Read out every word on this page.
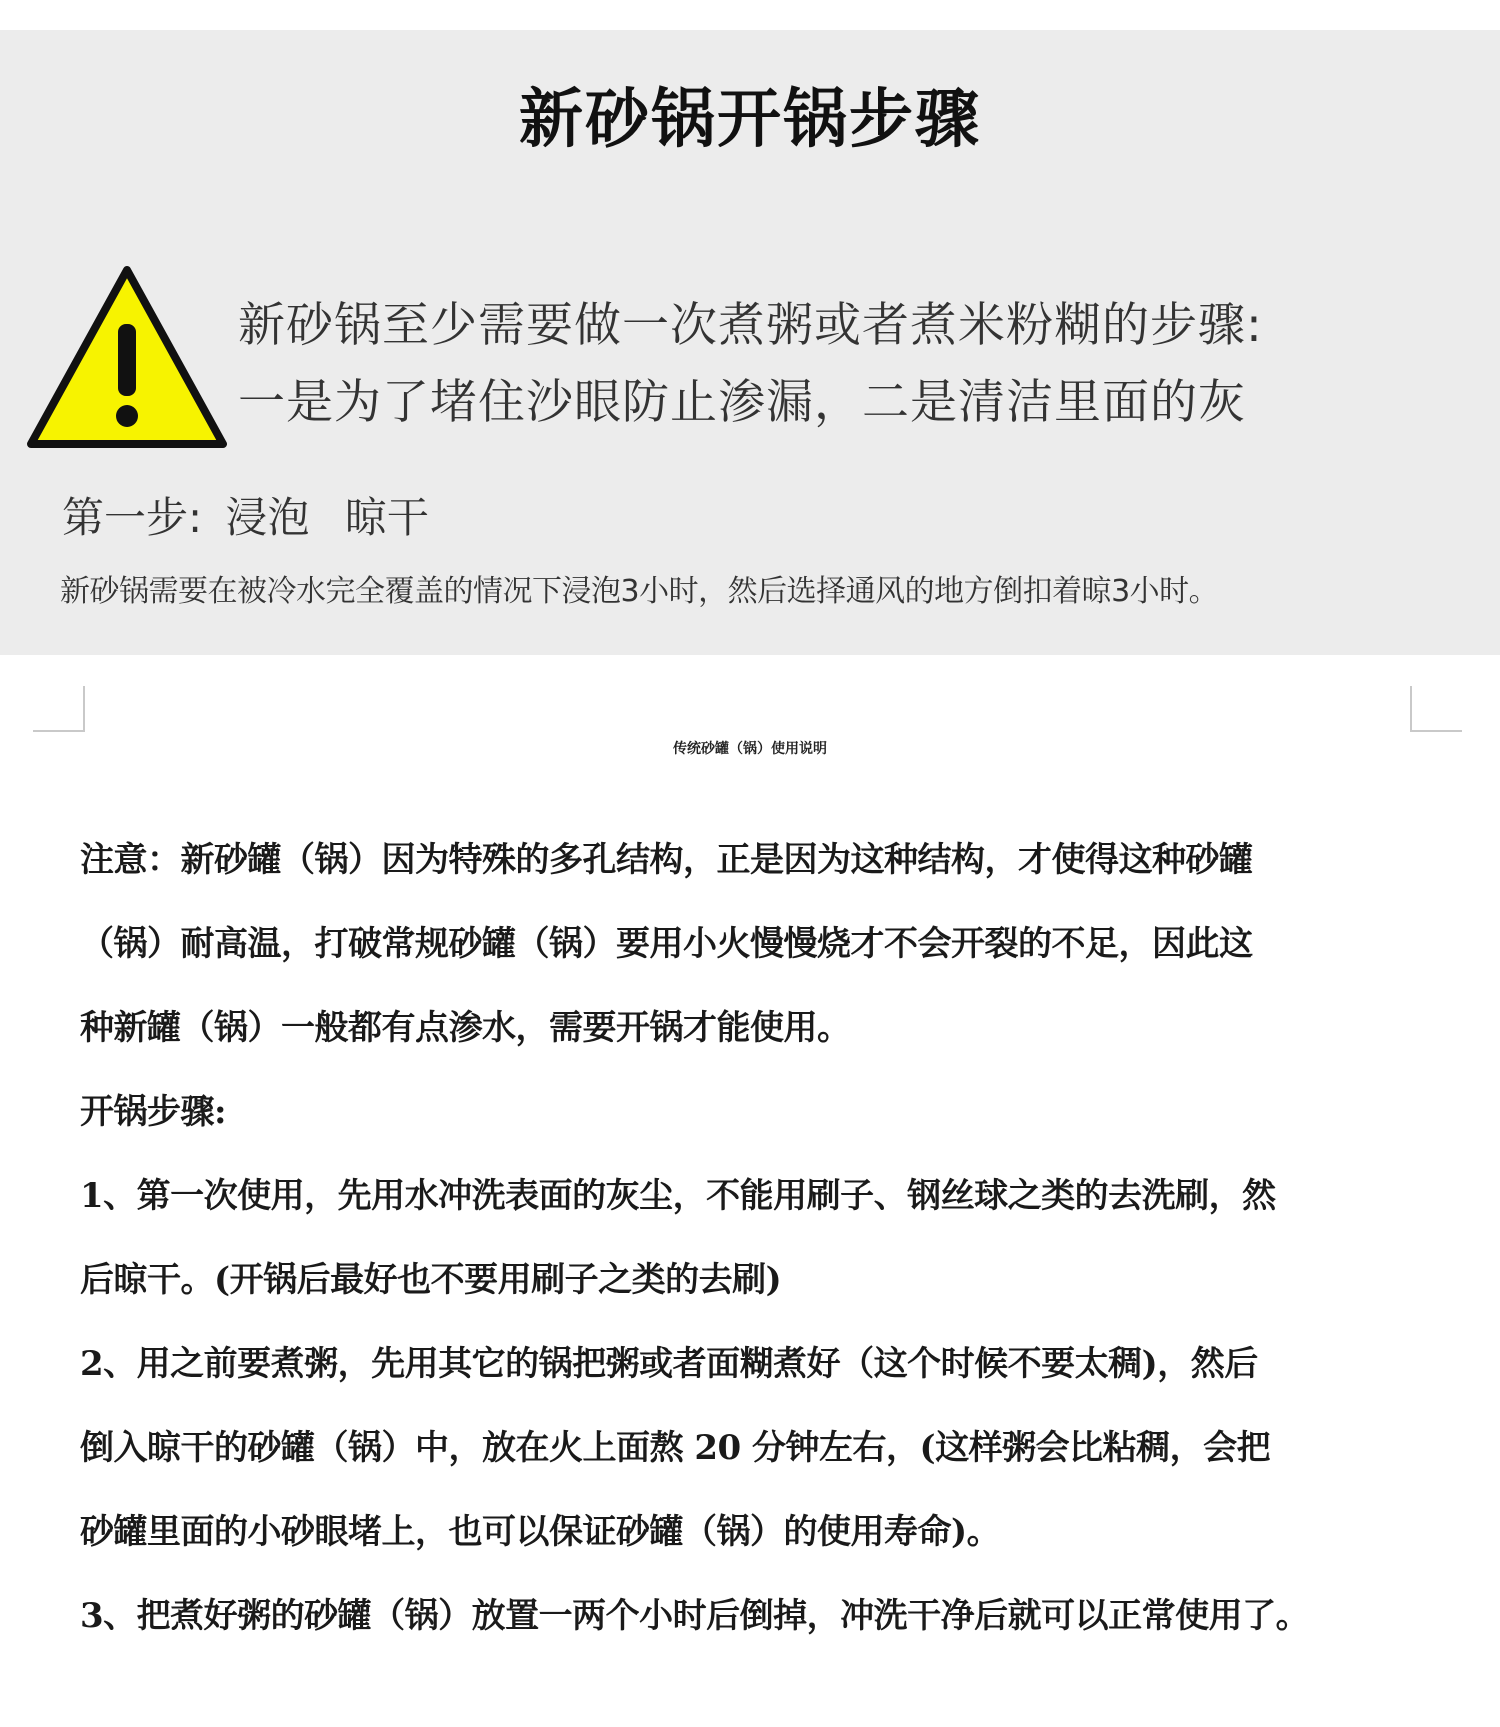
新砂锅开锅步骤
新砂锅至少需要做一次煮粥或者煮米粉糊的步骤:
一是为了堵住沙眼防止渗漏，二是清洁里面的灰
第一步: 浸泡 晾干
新砂锅需要在被冷水完全覆盖的情况下浸泡3小时，然后选择通风的地方倒扣着晾3小时。
传统砂罐（锅）使用说明
注意：新砂罐（锅）因为特殊的多孔结构，正是因为这种结构，才使得这种砂罐
（锅）耐高温，打破常规砂罐（锅）要用小火慢慢烧才不会开裂的不足，因此这
种新罐（锅）一般都有点渗水，需要开锅才能使用。
开锅步骤:
1、第一次使用，先用水冲洗表面的灰尘，不能用刷子、钢丝球之类的去洗刷，然
后晾干。(开锅后最好也不要用刷子之类的去刷)
2、用之前要煮粥，先用其它的锅把粥或者面糊煮好（这个时候不要太稠)，然后
倒入晾干的砂罐（锅）中，放在火上面熬 20 分钟左右，(这样粥会比粘稠，会把
砂罐里面的小砂眼堵上，也可以保证砂罐（锅）的使用寿命)。
3、把煮好粥的砂罐（锅）放置一两个小时后倒掉，冲洗干净后就可以正常使用了。
